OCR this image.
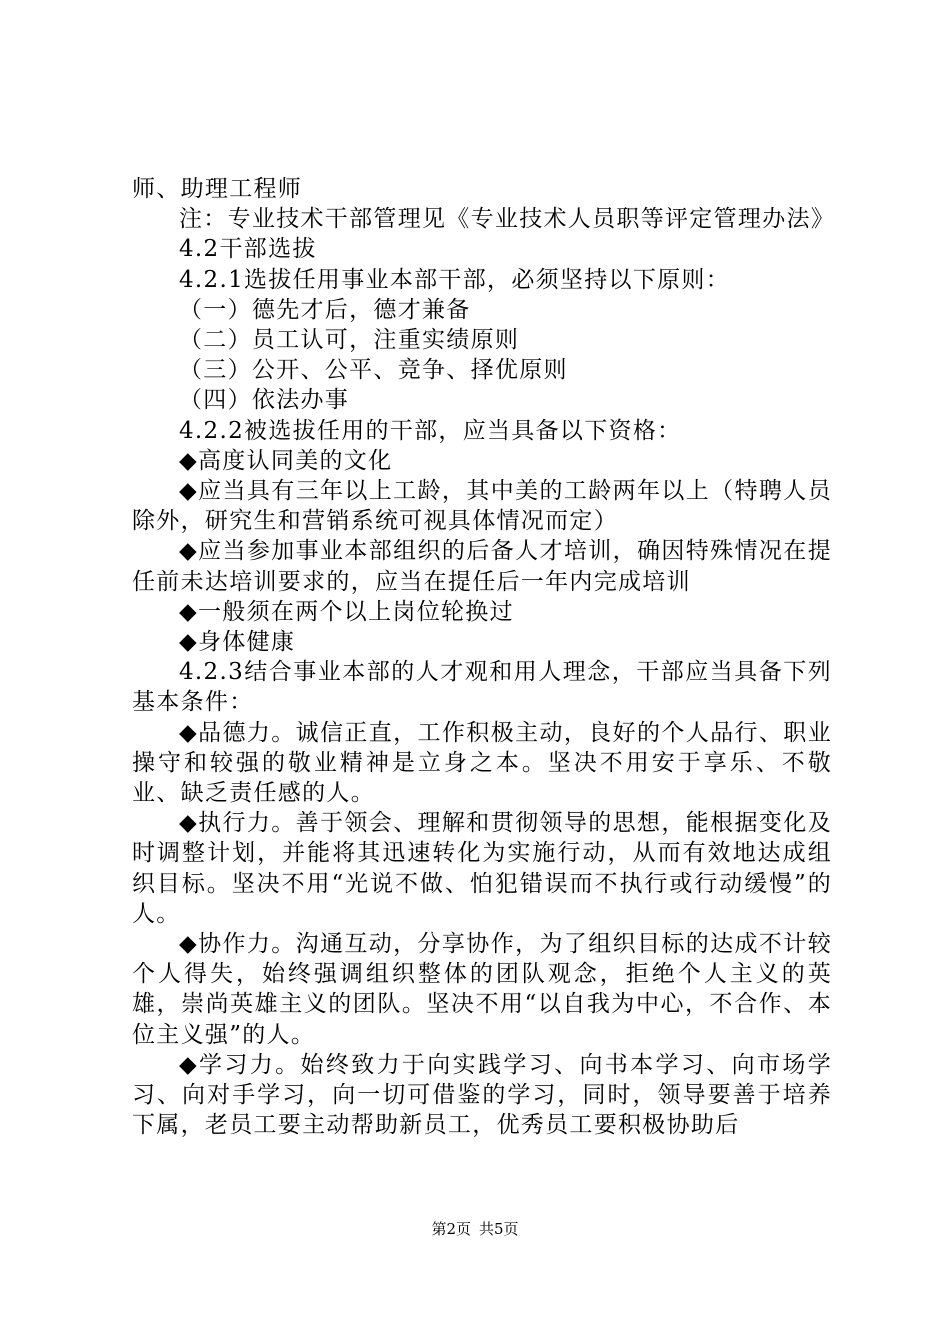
师、助理工程师

注：专业技术干部管理见《专业技术人员职等评定管理办法》

4.2干部选拔

4.2.1选拔任用事业本部干部，必须坚持以下原则：

（一）德先才后，德才兼备

（二）员工认可，注重实绩原则

（三）公开、公平、竞争、择优原则

（四）依法办事

4.2.2被选拔任用的干部，应当具备以下资格：

◆高度认同美的文化

◆应当具有三年以上工龄，其中美的工龄两年以上（特聘人员除外，研究生和营销系统可视具体情况而定）

◆应当参加事业本部组织的后备人才培训，确因特殊情况在提任前未达培训要求的，应当在提任后一年内完成培训

◆一般须在两个以上岗位轮换过

◆身体健康

4.2.3结合事业本部的人才观和用人理念，干部应当具备下列基本条件：

◆品德力。诚信正直，工作积极主动，良好的个人品行、职业操守和较强的敬业精神是立身之本。坚决不用安于享乐、不敬业、缺乏责任感的人。

◆执行力。善于领会、理解和贯彻领导的思想，能根据变化及时调整计划，并能将其迅速转化为实施行动，从而有效地达成组织目标。坚决不用“光说不做、怕犯错误而不执行或行动缓慢”的人。

◆协作力。沟通互动，分享协作，为了组织目标的达成不计较个人得失，始终强调组织整体的团队观念，拒绝个人主义的英雄，崇尚英雄主义的团队。坚决不用“以自我为中心，不合作、本位主义强”的人。

◆学习力。始终致力于向实践学习、向书本学习、向市场学习、向对手学习，向一切可借鉴的学习，同时，领导要善于培养下属，老员工要主动帮助新员工，优秀员工要积极协助后

第2页 共5页
